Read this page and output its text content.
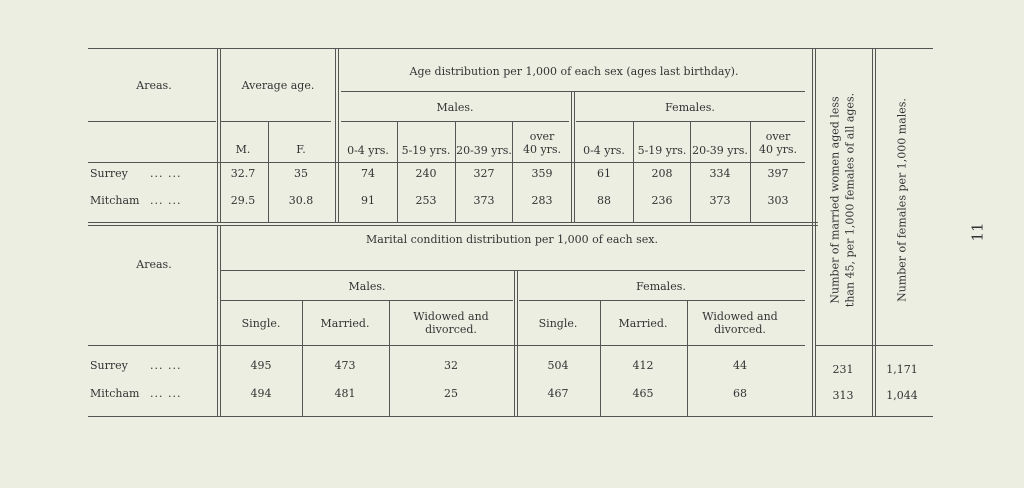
Areas.	Average age.
Age distribution per 1,000 of each sex (ages last birthday).
Males.	Females.
M.	F.	0-4 yrs. 5-19 yrs. 20-39 yrs.
over
40 yrs. 0-4 yrs. 5-19 yrs. 20-39 yrs.
over
40 yrs.
Surrey ... ...	32.7	35	74	240	327	359	61	208	334	397
Mitcham ... ...	29.5	30.8	91	253	373	283	88	236	373	303
Areas.
Marital condition distribution per 1,000 of each sex.
Males.	Females.
Single.	Married.
Widowed and
divorced.	Single.	Married.
Widowed and
divorced.
Surrey ... ...	495	473	32	504	412	44	231	1,171
Mitcham ... ...	494	481	25	467	465	68	313	1,044
Number of married women aged less than 45, per 1,000 females of all ages.	Number of females per 1,000 males.	11
